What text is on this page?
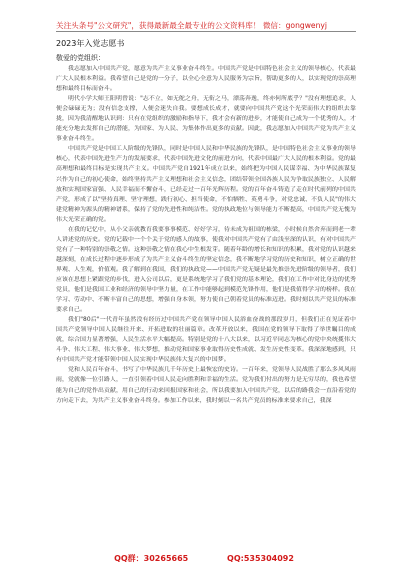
关注头条号"公文研究"，获得最新最全最专业的公文资料库！ 微信：gongwenyj
2023年入党志愿书
敬爱的党组织：

我志愿加入中国共产党，愿意为共产主义事业奋斗终生。中国共产党是中国特色社会主义的领导核心，代表最广大人民根本利益。我希望自己是党的一分子，以全心全意为人民服务为宗旨，帮助更多的人，以实现党的崇高理想和最终目标而奋斗。

明代小学大师王阳明曾说："志不立，如无舵之舟，无衔之马，漂荡奔逸，终亦何所底乎？"没有理想追求，人便会碌碌无为；没有信念支撑，人便会迷失自我。要想成长成才，就要向中国共产党这个光荣而伟大的组织去靠拢，因为我清醒地认识到：只有在党组织的激励和指导下，我才会有新的进步，才能使自己成为一个优秀的人，才能充分地去发挥自己的潜能，为国家、为人民、为集体作出更多的贡献。因此，我志愿加入中国共产党为共产主义事业奋斗终生。

中国共产党是中国工人阶级的先锋队，同时是中国人民和中华民族的先锋队，是中国特色社会主义事业的领导核心，代表中国先进生产力的发展要求，代表中国先进文化的前进方向，代表中国最广大人民的根本利益。党的最高理想和最终目标是实现共产主义。中国共产党自1921年成立以来，始终把为中国人民谋幸福、为中华民族谋复兴作为自己的初心使命，始终坚持共产主义理想和社会主义信念，团结带领全国各族人民为争取民族独立、人民解放和实现国家富强、人民幸福而不懈奋斗，已经走过一百年光辉历程。党的百年奋斗铸造了走在时代前列的中国共产党，形成了以"坚持真理、坚守理想，践行初心、担当使命，不怕牺牲、英勇斗争，对党忠诚、不负人民"的伟大建党精神为源头的精神谱系，保持了党的先进性和纯洁性。党的执政地位与领导能力不断提高，中国共产党无愧为伟大光荣正确的党。

在我的记忆中，从小父亲就教育我要事事模范、好好学习，待未成为祖国的栋梁，小时候自然舍弃而到老一辈人讲述党的历史。党的记载中一个个关于党的感人的故事，使我对中国共产党有了由浅至深的认识，有对中国共产党有了一种特别的崇敬之情。这种崇敬之情在我心中生根发芽。随着年龄的增长和知识的积累，我对党的认识越来越深刻，在成长过程中逐步形成了为共产主义奋斗终生的坚定信念，我不断地学习党的历史和知识，树立正确的世界观、人生观，价值观。我了解到在我国，我们的执政党——中国共产党无疑是最先推崇先进阶级的领导者，我们应该在思想上紧跟党的步伐，进入公司以后，更是系统地学习了我们党的基本理论，我们在工作中对比身边的优秀党员，他们是我国工业和经济的领导中坚力量，在工作中能够起到模范先锋作用，他们是我值得学习的榜样。我在学习、劳动中、不断丰富自己的思想，增强自身本领，努力使自己朝着党员的标准迈进。我时刻以共产党员的标准要求自己。

我们"80后"一代青年虽然没有经历过中国共产党在领导中国人民浴血奋战的那段岁月，但我们正在见证着中国共产党领导中国人民继往开来、开拓进取的壮丽篇章。改革开放以来，我国在党的领导下取得了举世瞩目的成就，综合国力显著增强，人民生活水平大幅提高。特别是党的十八大以来，以习近平同志为核心的党中央统揽伟大斗争、伟大工程、伟大事业、伟大梦想，推动党和国家事业取得历史性成就、发生历史性变革。我深深地感到，只有中国共产党才能带领中国人民实现中华民族伟大复兴的中国梦。

党和人民百年奋斗，书写了中华民族几千年历史上最恢宏的史诗。一百年来，党领导人民战胜了那么多风风雨雨，党就像一位引路人，一直引领着中国人民走向胜利和幸福的生活。党为我们付出的努力是无穷尽的，我也希望能为自己的党作出贡献，用自己的行动来回报国家和社会，所以我要加入中国共产党，以后的路我会一直沿着党的方向走下去，为共产主义事业奋斗终身。参加工作以来，我时刻以一名共产党员的标准来要求自己，我深

QQ群：30265665	QQ:535304092
